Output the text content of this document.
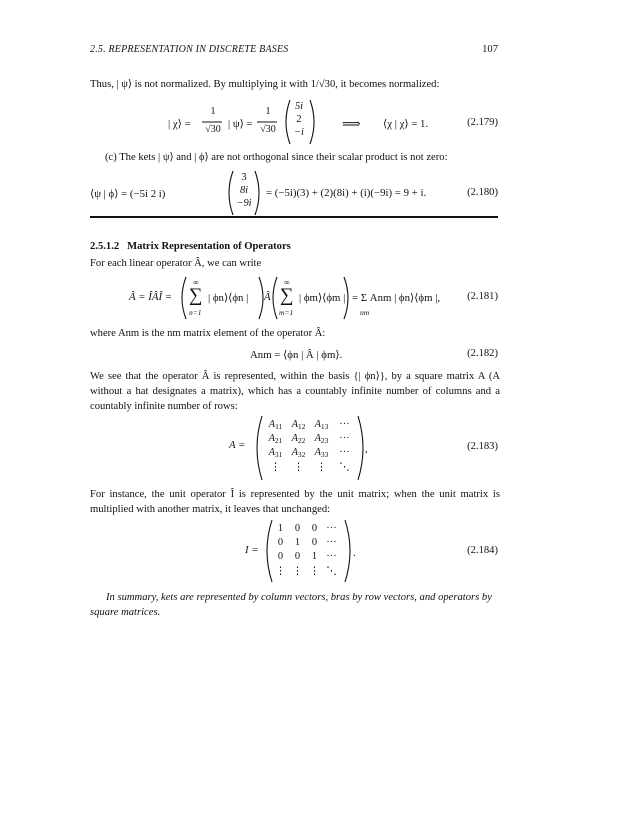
2.5. REPRESENTATION IN DISCRETE BASES	107
Thus, | ψ⟩ is not normalized. By multiplying it with 1/√30, it becomes normalized:
| χ⟩ =
1
√30 | ψ⟩ =
1
√30
5i
2
−i
⟹ ⟨χ | χ⟩ = 1.	(2.179)
(c) The kets | ψ⟩ and | ϕ⟩ are not orthogonal since their scalar product is not zero:
⟨ψ | ϕ⟩ = (−5i 2 i)
3
8i
−9i
= (−5i)(3) + (2)(8i) + (i)(−9i) = 9 + i.	(2.180)
2.5.1.2 Matrix Representation of Operators
For each linear operator Â, we can write
Â = ÎÂÎ =
∞
∑
n=1
| ϕn⟩⟨ϕn | Â
∞
∑
m=1
| ϕm⟩⟨ϕm | = Σ Anm | ϕn⟩⟨ϕm |,
nm
(2.181)
where Anm is the nm matrix element of the operator Â:
Anm = ⟨ϕn | Â | ϕm⟩.	(2.182)
We see that the operator Â is represented, within the basis {| ϕn⟩}, by a square matrix A (A without a hat designates a matrix), which has a countably infinite number of columns and a countably infinite number of rows:
A =
$A_{11}$ $A_{12}$ $A_{13}$	···
$A_{21}$ $A_{22}$ $A_{23}$	···
$A_{31}$ $A_{32}$ $A_{33}$	···
⋮	⋮	⋮	⋱
,	(2.183)
For instance, the unit operator Î is represented by the unit matrix; when the unit matrix is multiplied with another matrix, it leaves that unchanged:
I =
1	0	0 ···
0	1	0 ···
0	0	1 ···
⋮ ⋮ ⋮ ⋱
.	(2.184)
In summary, kets are represented by column vectors, bras by row vectors, and operators by square matrices.
